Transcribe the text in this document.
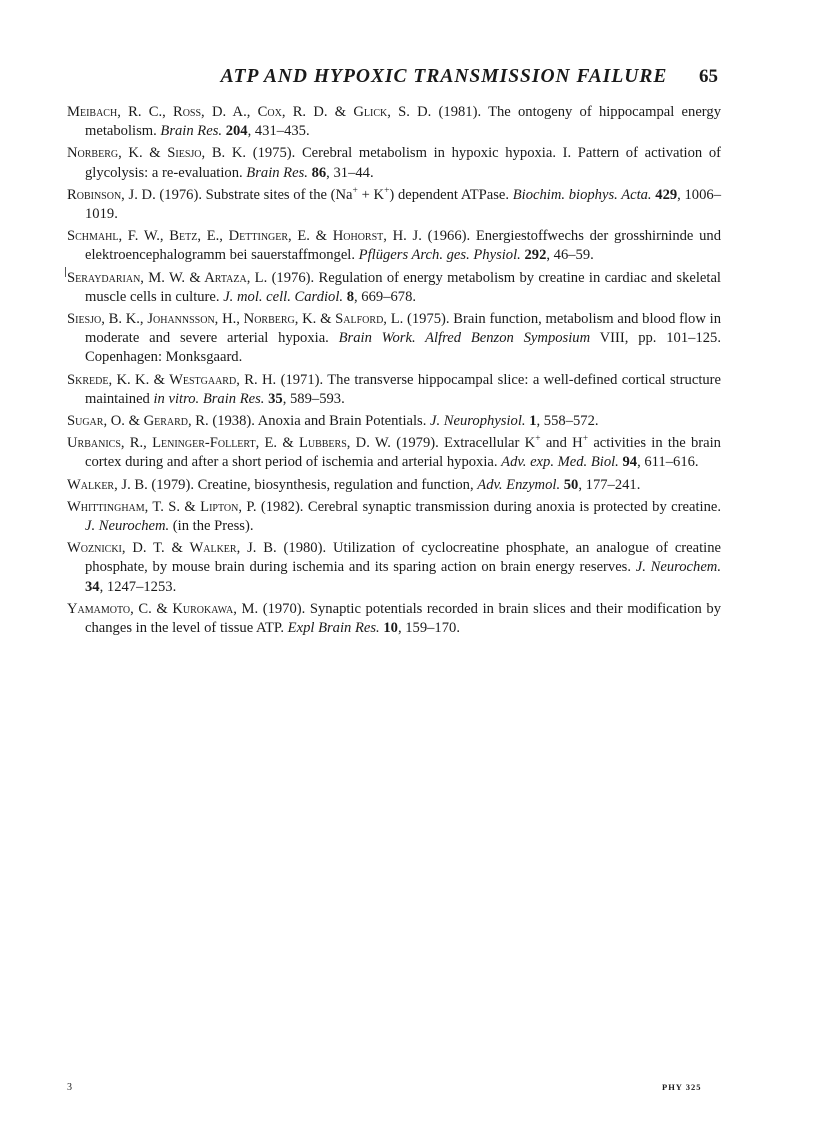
ATP AND HYPOXIC TRANSMISSION FAILURE	65

Meibach, R. C., Ross, D. A., Cox, R. D. & Glick, S. D. (1981). The ontogeny of hippocampal energy metabolism. Brain Res. 204, 431–435.

Norberg, K. & Siesjo, B. K. (1975). Cerebral metabolism in hypoxic hypoxia. I. Pattern of activation of glycolysis: a re-evaluation. Brain Res. 86, 31–44.

Robinson, J. D. (1976). Substrate sites of the (Na+ + K+) dependent ATPase. Biochim. biophys. Acta. 429, 1006–1019.

Schmahl, F. W., Betz, E., Dettinger, E. & Hohorst, H. J. (1966). Energiestoffwechs der grosshirninde und elektroencephalogramm bei sauerstaffmongel. Pflügers Arch. ges. Physiol. 292, 46–59.

Seraydarian, M. W. & Artaza, L. (1976). Regulation of energy metabolism by creatine in cardiac and skeletal muscle cells in culture. J. mol. cell. Cardiol. 8, 669–678.

Siesjo, B. K., Johannsson, H., Norberg, K. & Salford, L. (1975). Brain function, metabolism and blood flow in moderate and severe arterial hypoxia. Brain Work. Alfred Benzon Symposium VIII, pp. 101–125. Copenhagen: Monksgaard.

Skrede, K. K. & Westgaard, R. H. (1971). The transverse hippocampal slice: a well-defined cortical structure maintained in vitro. Brain Res. 35, 589–593.

Sugar, O. & Gerard, R. (1938). Anoxia and Brain Potentials. J. Neurophysiol. 1, 558–572.

Urbanics, R., Leninger-Follert, E. & Lubbers, D. W. (1979). Extracellular K+ and H+ activities in the brain cortex during and after a short period of ischemia and arterial hypoxia. Adv. exp. Med. Biol. 94, 611–616.

Walker, J. B. (1979). Creatine, biosynthesis, regulation and function, Adv. Enzymol. 50, 177–241.

Whittingham, T. S. & Lipton, P. (1982). Cerebral synaptic transmission during anoxia is protected by creatine. J. Neurochem. (in the Press).

Woznicki, D. T. & Walker, J. B. (1980). Utilization of cyclocreatine phosphate, an analogue of creatine phosphate, by mouse brain during ischemia and its sparing action on brain energy reserves. J. Neurochem. 34, 1247–1253.

Yamamoto, C. & Kurokawa, M. (1970). Synaptic potentials recorded in brain slices and their modification by changes in the level of tissue ATP. Expl Brain Res. 10, 159–170.

3	PHY 325
